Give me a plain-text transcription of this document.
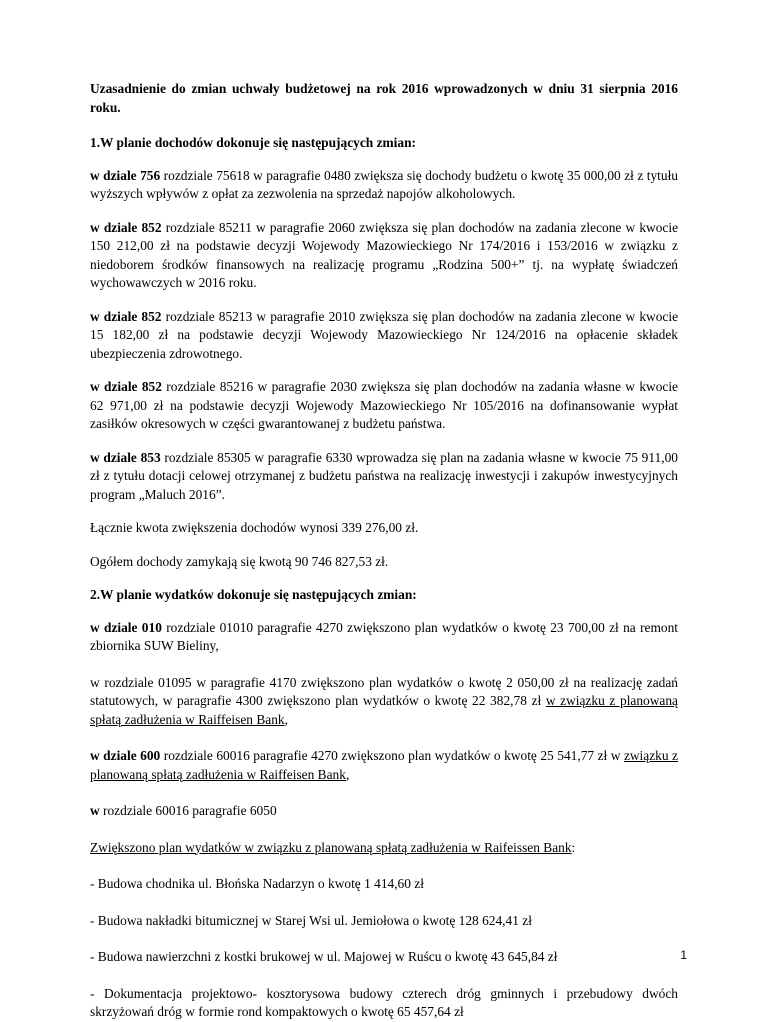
Uzasadnienie do zmian uchwały budżetowej na rok 2016 wprowadzonych w dniu 31 sierpnia 2016 roku.

1.W planie dochodów dokonuje się następujących zmian:

w dziale 756 rozdziale 75618 w paragrafie 0480 zwiększa się dochody budżetu o kwotę 35 000,00 zł z tytułu wyższych wpływów z opłat za zezwolenia na sprzedaż napojów alkoholowych.

w dziale 852 rozdziale 85211 w paragrafie 2060 zwiększa się plan dochodów na zadania zlecone w kwocie 150 212,00 zł na podstawie decyzji Wojewody Mazowieckiego Nr 174/2016 i 153/2016 w związku z niedoborem środków finansowych na realizację programu „Rodzina 500+” tj. na wypłatę świadczeń wychowawczych w 2016 roku.

w dziale 852 rozdziale 85213 w paragrafie 2010 zwiększa się plan dochodów na zadania zlecone w kwocie 15 182,00 zł na podstawie decyzji Wojewody Mazowieckiego Nr 124/2016 na opłacenie składek ubezpieczenia zdrowotnego.

w dziale 852 rozdziale 85216 w paragrafie 2030 zwiększa się plan dochodów na zadania własne w kwocie 62 971,00 zł na podstawie decyzji Wojewody Mazowieckiego Nr 105/2016 na dofinansowanie wypłat zasiłków okresowych w części gwarantowanej z budżetu państwa.

w dziale 853 rozdziale 85305 w paragrafie 6330 wprowadza się plan na zadania własne w kwocie 75 911,00 zł z tytułu dotacji celowej otrzymanej z budżetu państwa na realizację inwestycji i zakupów inwestycyjnych program „Maluch 2016”.

Łącznie kwota zwiększenia dochodów wynosi 339 276,00 zł.

Ogółem dochody zamykają się kwotą 90 746 827,53 zł.

2.W planie wydatków dokonuje się następujących zmian:

w dziale 010 rozdziale 01010 paragrafie 4270 zwiększono plan wydatków o kwotę 23 700,00 zł na remont zbiornika SUW Bieliny,

w rozdziale 01095 w paragrafie 4170 zwiększono plan wydatków o kwotę 2 050,00 zł na realizację zadań statutowych, w paragrafie 4300 zwiększono plan wydatków o kwotę 22 382,78 zł w związku z planowaną spłatą zadłużenia w Raiffeisen Bank,

w dziale 600 rozdziale 60016 paragrafie 4270 zwiększono plan wydatków o kwotę 25 541,77 zł w związku z planowaną spłatą zadłużenia w Raiffeisen Bank,

w rozdziale 60016 paragrafie 6050

Zwiększono plan wydatków w związku z planowaną spłatą zadłużenia w Raifeissen Bank:

- Budowa chodnika ul. Błońska Nadarzyn o kwotę 1 414,60 zł

- Budowa nakładki bitumicznej w Starej Wsi ul. Jemiołowa o kwotę 128 624,41 zł

- Budowa nawierzchni z kostki brukowej w ul. Majowej w Ruścu o kwotę 43 645,84 zł

- Dokumentacja projektowo- kosztorysowa budowy czterech dróg gminnych i przebudowy dwóch skrzyżowań dróg w formie rond kompaktowych o kwotę 65 457,64 zł

1
